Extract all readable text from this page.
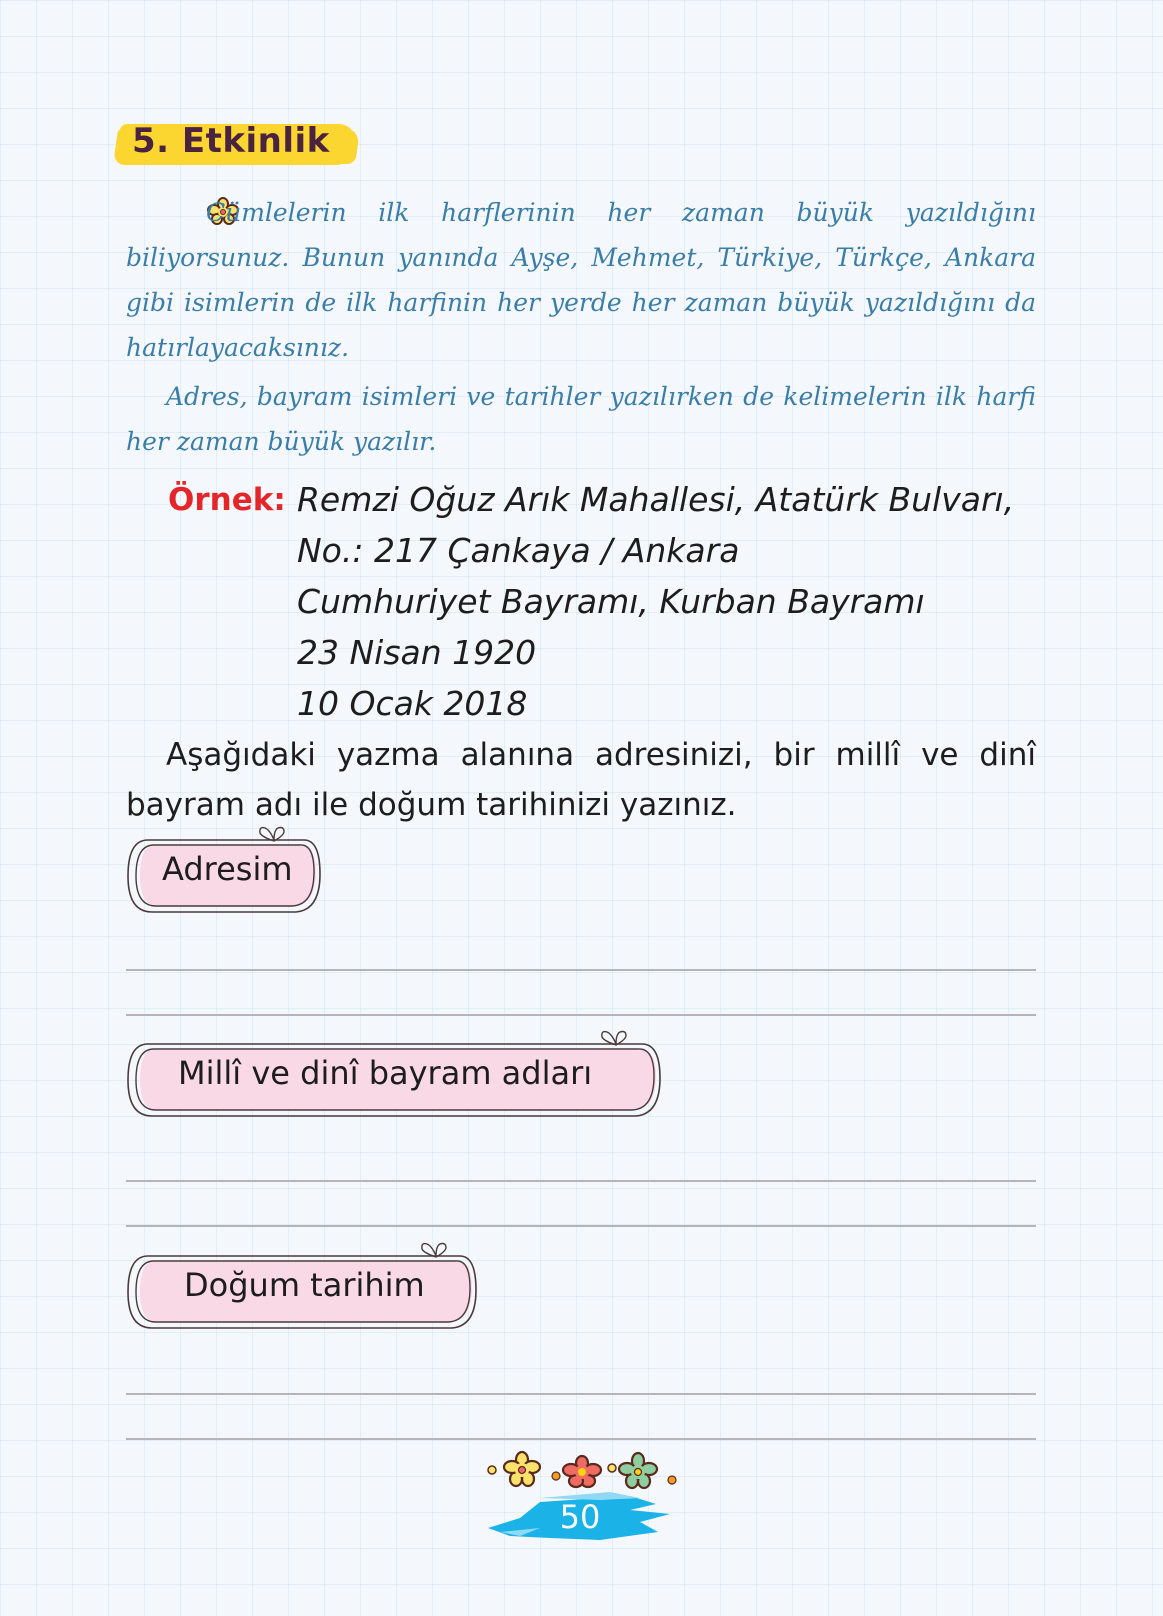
5. Etkinlik

Cümlelerin ilk harflerinin her zaman büyük yazıldığını biliyorsunuz. Bunun yanında Ayşe, Mehmet, Türkiye, Türkçe, Ankara gibi isimlerin de ilk harfinin her yerde her zaman büyük yazıldığını da hatırlayacaksınız.

Adres, bayram isimleri ve tarihler yazılırken de kelimelerin ilk harfi her zaman büyük yazılır.

Örnek: Remzi Oğuz Arık Mahallesi, Atatürk Bulvarı,
No.: 217 Çankaya / Ankara
Cumhuriyet Bayramı, Kurban Bayramı
23 Nisan 1920
10 Ocak 2018
Aşağıdaki yazma alanına adresinizi, bir millî ve dinî
bayram adı ile doğum tarihinizi yazınız.
Adresim
Millî ve dinî bayram adları
Doğum tarihim
50
